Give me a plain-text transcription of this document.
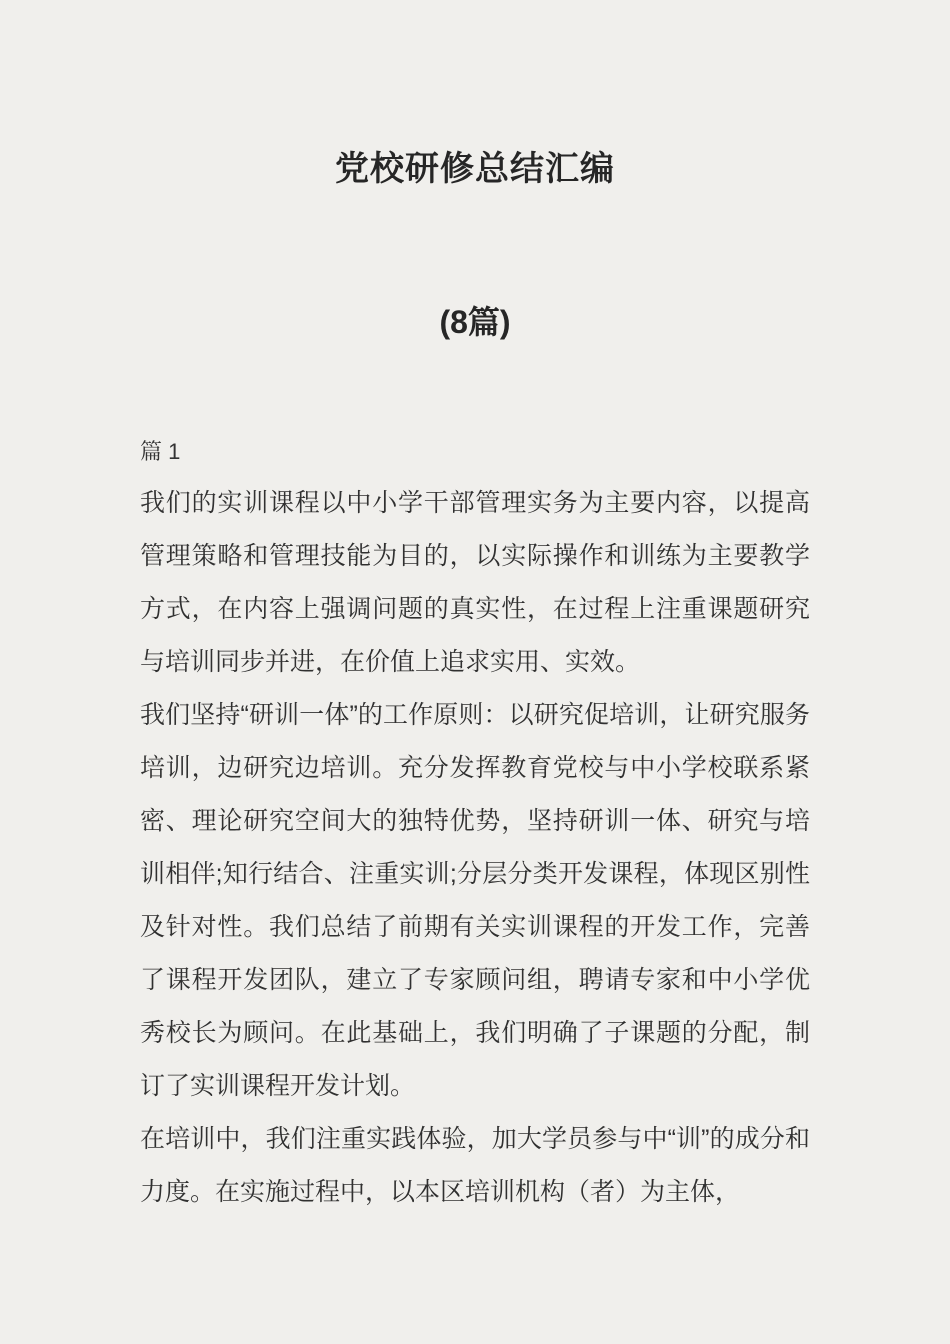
党校研修总结汇编
(8篇)

篇 1

我们的实训课程以中小学干部管理实务为主要内容，以提高管理策略和管理技能为目的，以实际操作和训练为主要教学方式，在内容上强调问题的真实性，在过程上注重课题研究与培训同步并进，在价值上追求实用、实效。

我们坚持“研训一体”的工作原则：以研究促培训，让研究服务培训，边研究边培训。充分发挥教育党校与中小学校联系紧密、理论研究空间大的独特优势，坚持研训一体、研究与培训相伴;知行结合、注重实训;分层分类开发课程，体现区别性及针对性。我们总结了前期有关实训课程的开发工作，完善了课程开发团队，建立了专家顾问组，聘请专家和中小学优秀校长为顾问。在此基础上，我们明确了子课题的分配，制订了实训课程开发计划。

在培训中，我们注重实践体验，加大学员参与中“训”的成分和力度。在实施过程中，以本区培训机构（者）为主体，
